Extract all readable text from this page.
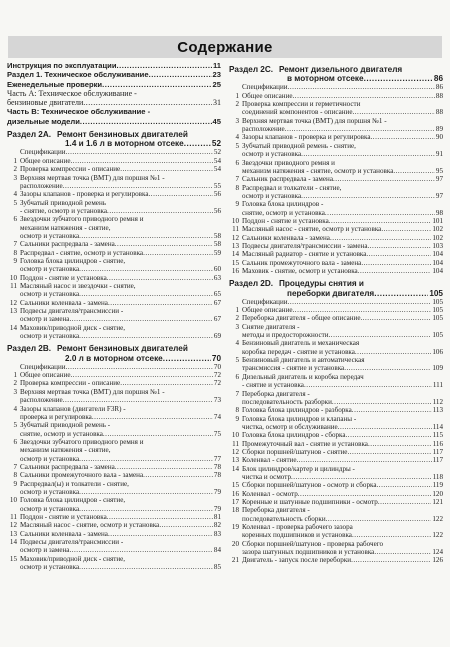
Содержание
Инструкция по эксплуатации .....	11
Раздел 1. Техническое обслуживание .....	23
Еженедельные проверки .....	25
Часть А: Техническое обслуживание -
бензиновые двигатели .....	31
Часть В: Техническое обслуживание -
дизельные модели .....	45
Раздел 2А. Ремонт бензиновых двигателей
1.4 и 1.6 л в моторном отсеке .....	52
Спецификации .....	52
1 Общее описание .....	54
2 Проверка компрессии - описание .....	54
3 Верхняя мертвая точка (ВМТ) для поршня №1 -
расположение .....	55
4 Зазоры клапанов - проверка и регулировка .....	56
5 Зубчатый приводной ремень
- снятие, осмотр и установка .....	56
6 Звездочки зубчатого приводного ремня и
механизм натяжения - снятие,
осмотр и установка .....	58
7 Сальники распредвала - замена .....	58
8 Распредвал - снятие, осмотр и установка .....	59
9 Головка блока цилиндров - снятие,
осмотр и установка .....	60
10 Поддон - снятие и установка .....	63
11 Масляный насос и звездочки - снятие,
осмотр и установка .....	65
12 Сальники коленвала - замена .....	67
13 Подвесы двигателя/трансмиссии -
осмотр и замена .....	67
14 Маховик/приводной диск - снятие,
осмотр и установка .....	69
Раздел 2В. Ремонт бензиновых двигателей
2.0 л в моторном отсеке .....	70
Спецификации .....	70
1 Общее описание .....	72
2 Проверка компрессии - описание .....	72
3 Верхняя мертвая точка (ВМТ) для поршня №1 -
расположение .....	73
4 Зазоры клапанов (двигатели F3R) -
проверка и регулировка .....	74
5 Зубчатый приводной ремень -
снятие, осмотр и установка .....	75
6 Звездочки зубчатого приводного ремня и
механизм натяжения - снятие,
осмотр и установка .....	77
7 Сальники распредвала - замена .....	78
8 Сальники промежуточного вала - замена .....	78
9 Распредвал(ы) и толкатели - снятие,
осмотр и установка .....	79
10 Головка блока цилиндров - снятие,
осмотр и установка .....	79
11 Поддон - снятие и установка .....	81
12 Масляный насос - снятие, осмотр и установка .....	82
13 Сальники коленвала - замена .....	83
14 Подвесы двигателя/трансмиссии -
осмотр и замена .....	84
15 Маховик/приводной диск - снятие,
осмотр и установка .....	85
Раздел 2С. Ремонт дизельного двигателя
в моторном отсеке .....	86
Спецификации .....	86
1 Общее описание .....	88
2 Проверка компрессии и герметичности
соединений компонентов - описание .....	88
3 Верхняя мертвая точка (ВМТ) для поршня №1 -
расположение .....	89
4 Зазоры клапанов - проверка и регулировка .....	90
5 Зубчатый приводной ремень - снятие,
осмотр и установка .....	91
6 Звездочки приводного ремня и
механизм натяжения - снятие, осмотр и установка .....	95
7 Сальник распредвала - замена .....	97
8 Распредвал и толкатели - снятие,
осмотр и установка .....	97
9 Головка блока цилиндров -
снятие, осмотр и установка .....	98
10 Поддон - снятие и установка .....	101
11 Масляный насос - снятие, осмотр и установка .....	102
12 Сальники коленвала - замена .....	102
13 Подвесы двигателя/трансмиссии - замена .....	103
14 Масляный радиатор - снятие и установка .....	104
15 Сальник промежуточного вала - замена .....	104
16 Маховик - снятие, осмотр и установка .....	104
Раздел 2D. Процедуры снятия и
переборки двигателя .....	105
Спецификации .....	105
1 Общее описание .....	105
2 Переборка двигателя - общее описание .....	105
3 Снятие двигателя -
методы и предосторожности .....	105
4 Бензиновый двигатель и механическая
коробка передач - снятие и установка .....	106
5 Бензиновый двигатель и автоматическая
трансмиссия - снятие и установка .....	109
6 Дизельный двигатель и коробка передач
- снятие и установка .....	111
7 Переборка двигателя -
последовательность разборки .....	112
8 Головка блока цилиндров - разборка .....	113
9 Головка блока цилиндров и клапаны -
чистка, осмотр и обслуживание .....	114
10 Головка блока цилиндров - сборка .....	115
11 Промежуточный вал - снятие и установка .....	116
12 Сборки поршней/шатунов - снятие .....	117
13 Коленвал - снятие .....	117
14 Блок цилиндров/картер и цилиндры -
чистка и осмотр .....	118
15 Сборки поршней/шатунов - осмотр и сборка .....	119
16 Коленвал - осмотр .....	120
17 Коренные и шатунные подшипники - осмотр .....	121
18 Переборка двигателя -
последовательность сборки .....	122
19 Коленвал - проверка рабочего зазора
коренных подшипников и установка .....	122
20 Сборки поршней/шатунов - проверка рабочего
зазора шатунных подшипников и установка .....	124
21 Двигатель - запуск после переборки .....	126
